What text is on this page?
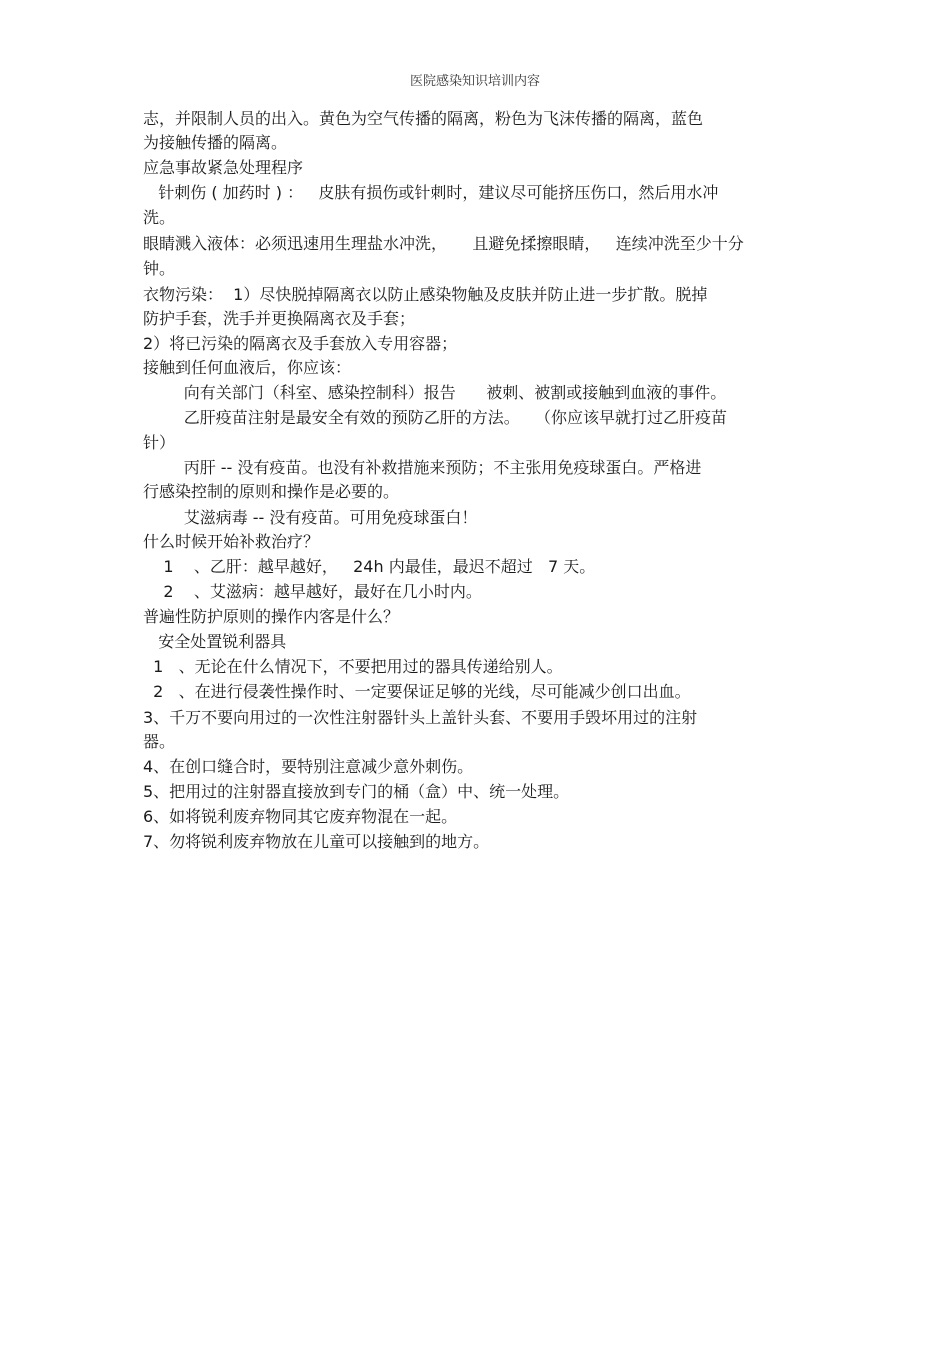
医院感染知识培训内容
志，并限制人员的出入。黄色为空气传播的隔离，粉色为飞沫传播的隔离，蓝色
为接触传播的隔离。
应急事故紧急处理程序
针刺伤 ( 加药时 ) ：   皮肤有损伤或针刺时，建议尽可能挤压伤口，然后用水冲
洗。
眼睛溅入液体：必须迅速用生理盐水冲洗，     且避免揉擦眼睛，   连续冲洗至少十分
钟。
衣物污染：  1）尽快脱掉隔离衣以防止感染物触及皮肤并防止进一步扩散。脱掉
防护手套，洗手并更换隔离衣及手套；
2）将已污染的隔离衣及手套放入专用容器；
接触到任何血液后，你应该：
向有关部门（科室、感染控制科）报告      被刺、被割或接触到血液的事件。
乙肝疫苗注射是最安全有效的预防乙肝的方法。   （你应该早就打过乙肝疫苗
针）
丙肝 -- 没有疫苗。也没有补救措施来预防；不主张用免疫球蛋白。严格进
行感染控制的原则和操作是必要的。
艾滋病毒 -- 没有疫苗。可用免疫球蛋白！
什么时候开始补救治疗？
1    、乙肝：越早越好，   24h 内最佳，最迟不超过   7 天。
2    、艾滋病：越早越好，最好在几小时内。
普遍性防护原则的操作内客是什么？
安全处置锐利器具
1   、无论在什么情况下，不要把用过的器具传递给别人。
2   、在进行侵袭性操作时、一定要保证足够的光线，尽可能减少创口出血。
3、千万不要向用过的一次性注射器针头上盖针头套、不要用手毁坏用过的注射
器。
4、在创口缝合时，要特别注意减少意外刺伤。
5、把用过的注射器直接放到专门的桶（盒）中、统一处理。
6、如将锐利废弃物同其它废弃物混在一起。
7、勿将锐利废弃物放在儿童可以接触到的地方。
